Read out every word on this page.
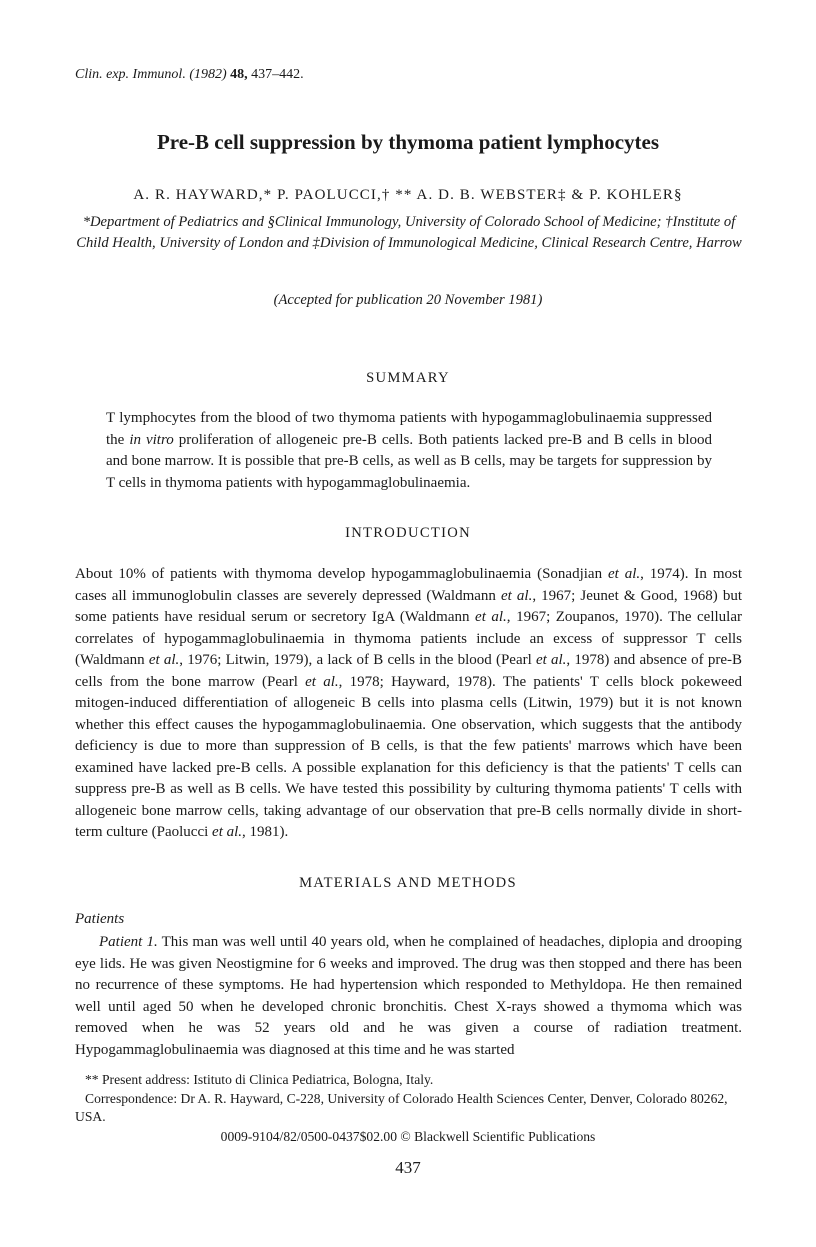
Clin. exp. Immunol. (1982) 48, 437–442.
Pre-B cell suppression by thymoma patient lymphocytes
A. R. HAYWARD,* P. PAOLUCCI,† ** A. D. B. WEBSTER‡ & P. KOHLER§
*Department of Pediatrics and §Clinical Immunology, University of Colorado School of Medicine; †Institute of Child Health, University of London and ‡Division of Immunological Medicine, Clinical Research Centre, Harrow
(Accepted for publication 20 November 1981)
SUMMARY
T lymphocytes from the blood of two thymoma patients with hypogammaglobulinaemia suppressed the in vitro proliferation of allogeneic pre-B cells. Both patients lacked pre-B and B cells in blood and bone marrow. It is possible that pre-B cells, as well as B cells, may be targets for suppression by T cells in thymoma patients with hypogammaglobulinaemia.
INTRODUCTION
About 10% of patients with thymoma develop hypogammaglobulinaemia (Sonadjian et al., 1974). In most cases all immunoglobulin classes are severely depressed (Waldmann et al., 1967; Jeunet & Good, 1968) but some patients have residual serum or secretory IgA (Waldmann et al., 1967; Zoupanos, 1970). The cellular correlates of hypogammaglobulinaemia in thymoma patients include an excess of suppressor T cells (Waldmann et al., 1976; Litwin, 1979), a lack of B cells in the blood (Pearl et al., 1978) and absence of pre-B cells from the bone marrow (Pearl et al., 1978; Hayward, 1978). The patients' T cells block pokeweed mitogen-induced differentiation of allogeneic B cells into plasma cells (Litwin, 1979) but it is not known whether this effect causes the hypogammaglobulinaemia. One observation, which suggests that the antibody deficiency is due to more than suppression of B cells, is that the few patients' marrows which have been examined have lacked pre-B cells. A possible explanation for this deficiency is that the patients' T cells can suppress pre-B as well as B cells. We have tested this possibility by culturing thymoma patients' T cells with allogeneic bone marrow cells, taking advantage of our observation that pre-B cells normally divide in short-term culture (Paolucci et al., 1981).
MATERIALS AND METHODS
Patients
Patient 1. This man was well until 40 years old, when he complained of headaches, diplopia and drooping eye lids. He was given Neostigmine for 6 weeks and improved. The drug was then stopped and there has been no recurrence of these symptoms. He had hypertension which responded to Methyldopa. He then remained well until aged 50 when he developed chronic bronchitis. Chest X-rays showed a thymoma which was removed when he was 52 years old and he was given a course of radiation treatment. Hypogammaglobulinaemia was diagnosed at this time and he was started
** Present address: Istituto di Clinica Pediatrica, Bologna, Italy.
Correspondence: Dr A. R. Hayward, C-228, University of Colorado Health Sciences Center, Denver, Colorado 80262, USA.
0009-9104/82/0500-0437$02.00 © Blackwell Scientific Publications
437
